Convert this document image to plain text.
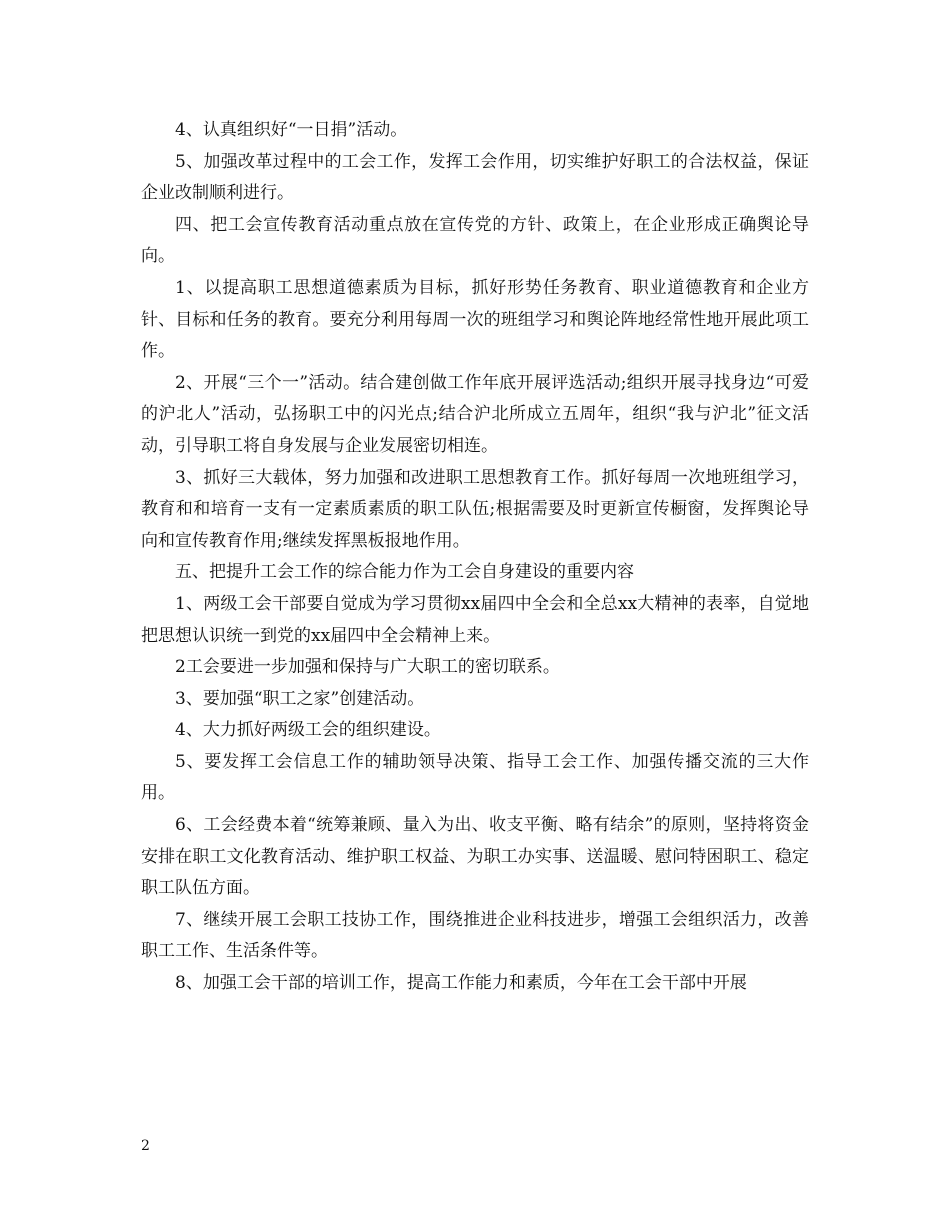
4、认真组织好“一日捐”活动。

5、加强改革过程中的工会工作，发挥工会作用，切实维护好职工的合法权益，保证企业改制顺利进行。

四、把工会宣传教育活动重点放在宣传党的方针、政策上，在企业形成正确舆论导向。

1、以提高职工思想道德素质为目标，抓好形势任务教育、职业道德教育和企业方针、目标和任务的教育。要充分利用每周一次的班组学习和舆论阵地经常性地开展此项工作。

2、开展“三个一”活动。结合建创做工作年底开展评选活动;组织开展寻找身边“可爱的沪北人”活动，弘扬职工中的闪光点;结合沪北所成立五周年，组织“我与沪北”征文活动，引导职工将自身发展与企业发展密切相连。

3、抓好三大载体，努力加强和改进职工思想教育工作。抓好每周一次地班组学习，教育和和培育一支有一定素质素质的职工队伍;根据需要及时更新宣传橱窗，发挥舆论导向和宣传教育作用;继续发挥黑板报地作用。

五、把提升工会工作的综合能力作为工会自身建设的重要内容

1、两级工会干部要自觉成为学习贯彻xx届四中全会和全总xx大精神的表率，自觉地把思想认识统一到党的xx届四中全会精神上来。

2工会要进一步加强和保持与广大职工的密切联系。

3、要加强“职工之家”创建活动。

4、大力抓好两级工会的组织建设。

5、要发挥工会信息工作的辅助领导决策、指导工会工作、加强传播交流的三大作用。

6、工会经费本着“统筹兼顾、量入为出、收支平衡、略有结余”的原则，坚持将资金安排在职工文化教育活动、维护职工权益、为职工办实事、送温暖、慰问特困职工、稳定职工队伍方面。

7、继续开展工会职工技协工作，围绕推进企业科技进步，增强工会组织活力，改善职工工作、生活条件等。

8、加强工会干部的培训工作，提高工作能力和素质，今年在工会干部中开展

2
